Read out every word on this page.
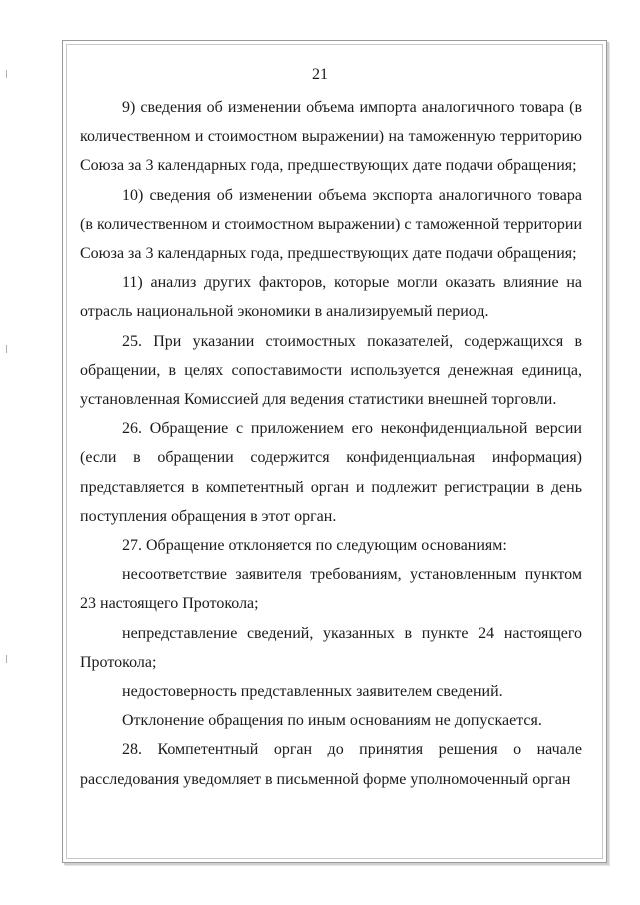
21

9) сведения об изменении объема импорта аналогичного товара (в количественном и стоимостном выражении) на таможенную территорию Союза за 3 календарных года, предшествующих дате подачи обращения;

10) сведения об изменении объема экспорта аналогичного товара (в количественном и стоимостном выражении) с таможенной территории Союза за 3 календарных года, предшествующих дате подачи обращения;

11) анализ других факторов, которые могли оказать влияние на отрасль национальной экономики в анализируемый период.

25. При указании стоимостных показателей, содержащихся в обращении, в целях сопоставимости используется денежная единица, установленная Комиссией для ведения статистики внешней торговли.

26. Обращение с приложением его неконфиденциальной версии (если в обращении содержится конфиденциальная информация) представляется в компетентный орган и подлежит регистрации в день поступления обращения в этот орган.

27. Обращение отклоняется по следующим основаниям:

несоответствие заявителя требованиям, установленным пунктом 23 настоящего Протокола;

непредставление сведений, указанных в пункте 24 настоящего Протокола;

недостоверность представленных заявителем сведений.

Отклонение обращения по иным основаниям не допускается.

28. Компетентный орган до принятия решения о начале расследования уведомляет в письменной форме уполномоченный орган
